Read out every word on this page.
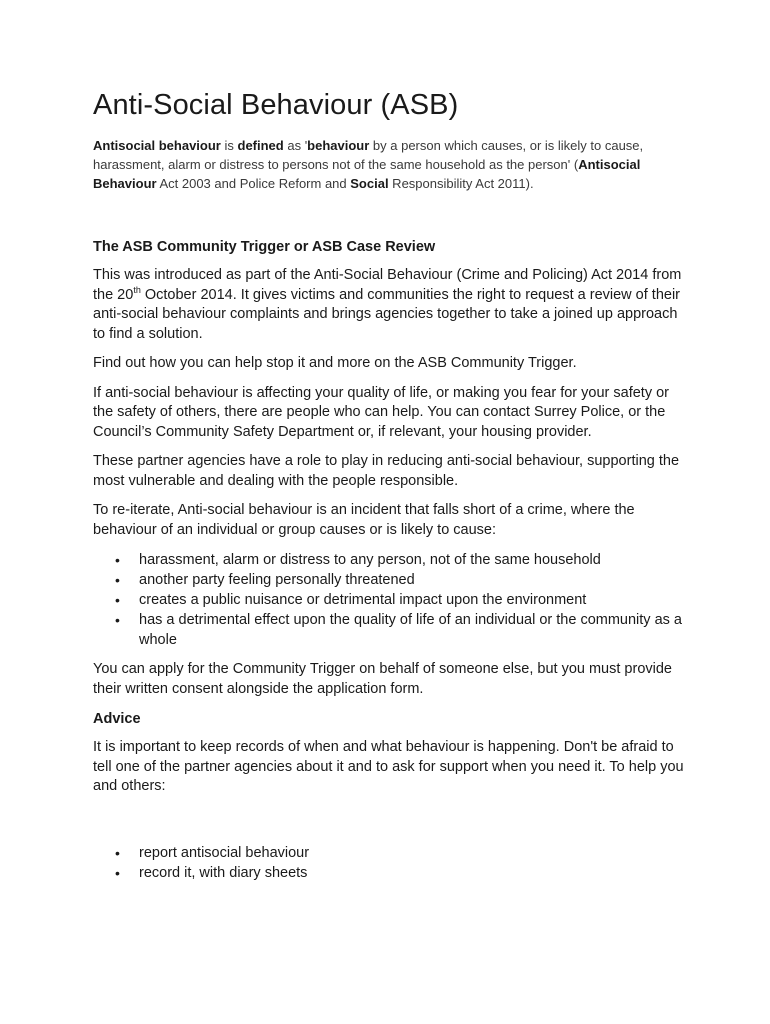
Anti-Social Behaviour (ASB)

Antisocial behaviour is defined as 'behaviour by a person which causes, or is likely to cause, harassment, alarm or distress to persons not of the same household as the person' (Antisocial Behaviour Act 2003 and Police Reform and Social Responsibility Act 2011).

The ASB Community Trigger or ASB Case Review

This was introduced as part of the Anti-Social Behaviour (Crime and Policing) Act 2014 from the 20th October 2014. It gives victims and communities the right to request a review of their anti-social behaviour complaints and brings agencies together to take a joined up approach to find a solution.

Find out how you can help stop it and more on the ASB Community Trigger.

If anti-social behaviour is affecting your quality of life, or making you fear for your safety or the safety of others, there are people who can help. You can contact Surrey Police, or the Council’s Community Safety Department or, if relevant, your housing provider.

These partner agencies have a role to play in reducing anti-social behaviour, supporting the most vulnerable and dealing with the people responsible.

To re-iterate, Anti-social behaviour is an incident that falls short of a crime, where the behaviour of an individual or group causes or is likely to cause:

• harassment, alarm or distress to any person, not of the same household
• another party feeling personally threatened
• creates a public nuisance or detrimental impact upon the environment
• has a detrimental effect upon the quality of life of an individual or the community as a whole

You can apply for the Community Trigger on behalf of someone else, but you must provide their written consent alongside the application form.

Advice

It is important to keep records of when and what behaviour is happening. Don't be afraid to tell one of the partner agencies about it and to ask for support when you need it. To help you and others:

• report antisocial behaviour
• record it, with diary sheets
